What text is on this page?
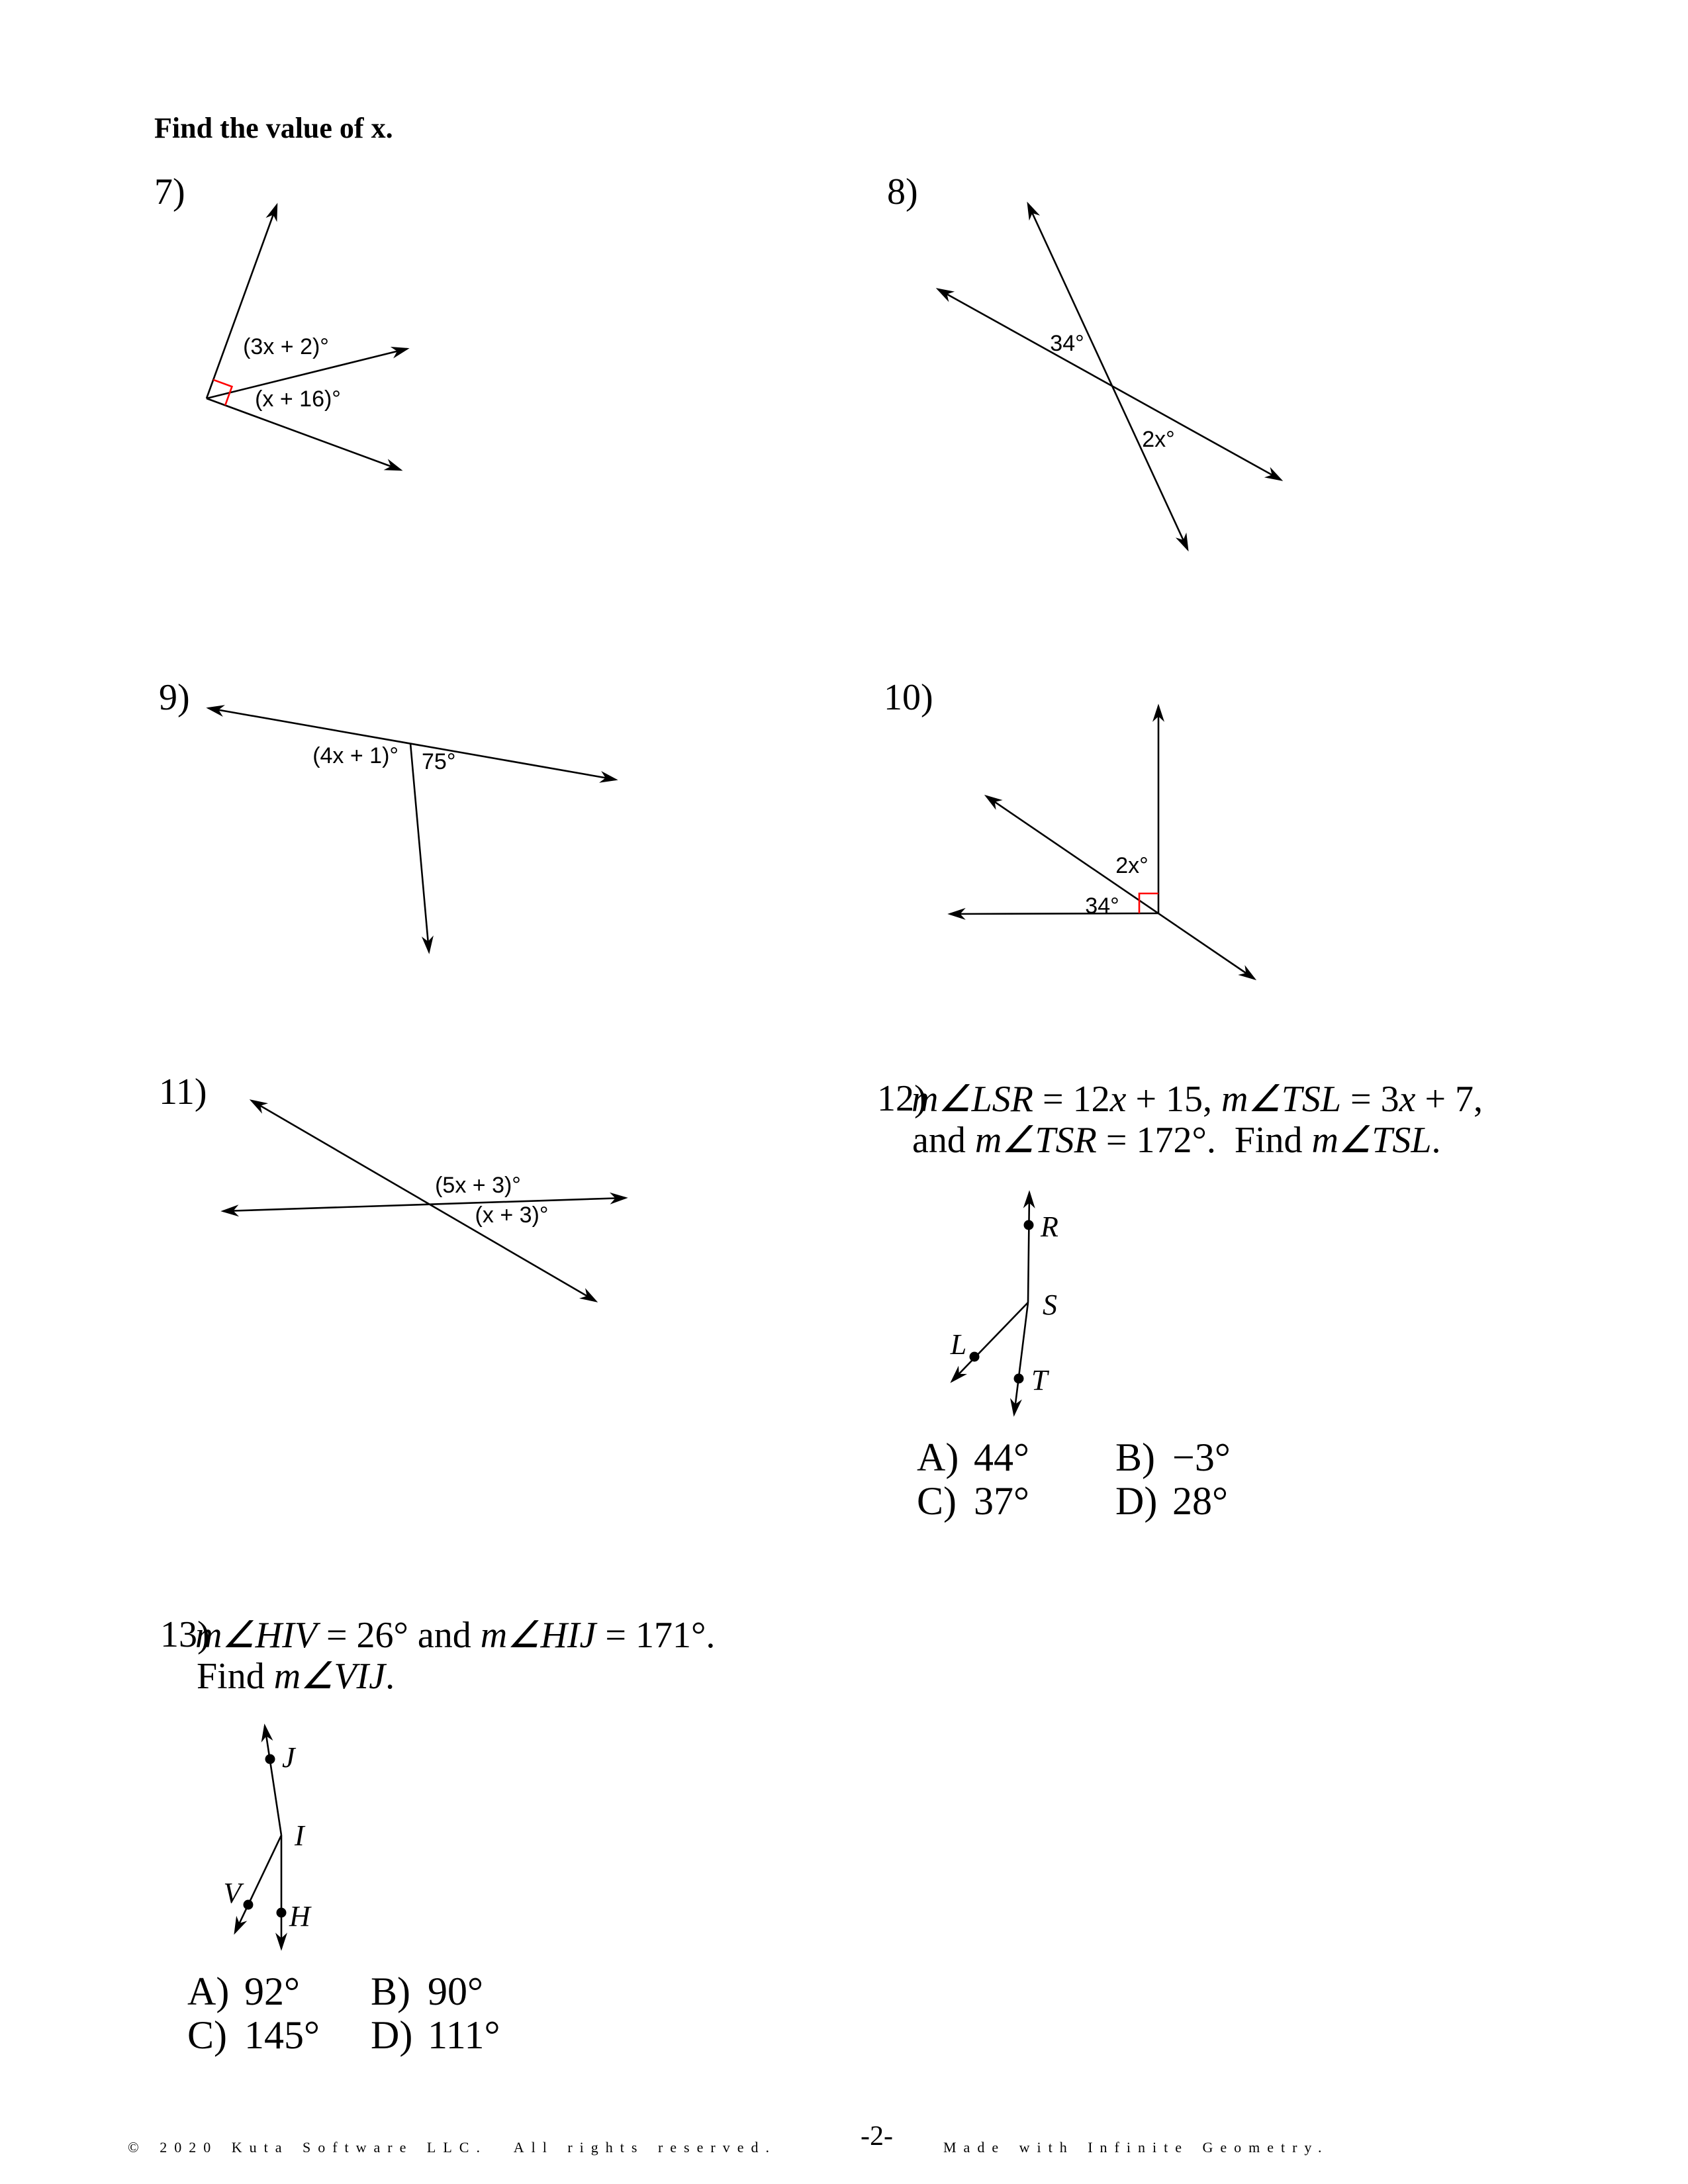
Find the value of x.
7)
(3x + 2)°
(x + 16)°
8)
34°
2x°
9)
(4x + 1)° 75°
10)
2x°
34°
11)
(5x + 3)°
(x + 3)°
12)
m∠LSR = 12x + 15, m∠TSL = 3x + 7,
and m∠TSR = 172°.  Find m∠TSL.
R
S
L
T
A) 44° B) −3°
C) 37° D) 28°
13)
m∠HIV = 26° and m∠HIJ = 171°.
Find m∠VIJ.
J
I
V
H
A) 92° B) 90°
C) 145° D) 111°
© 2020 Kuta Software LLC.  All rights reserved.	-2-	Made with Infinite Geometry.
